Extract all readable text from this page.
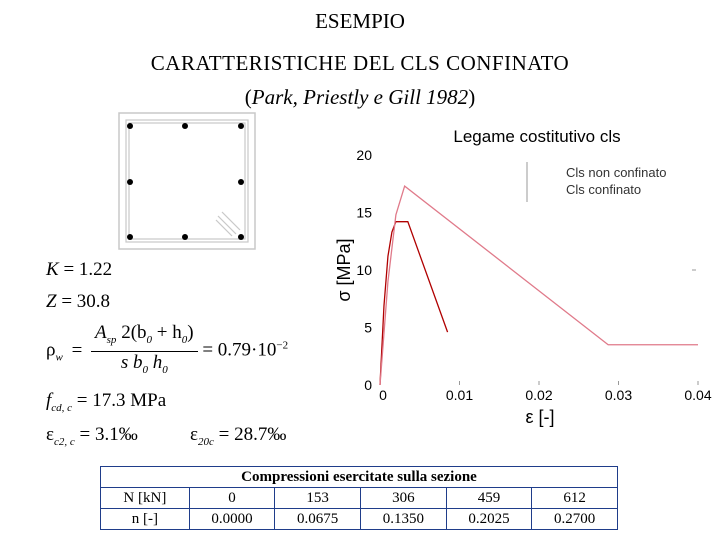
ESEMPIO
CARATTERISTICHE DEL CLS CONFINATO
(Park, Priestly e Gill 1982)
K = 1.22
Z = 30.8
$\rho_w = \frac{A_{sp} 2(b_0 + h_0)}{s b_0 h_0} = 0.79\cdot 10^{-2}$
$f_{cd, c} = 17.3$ MPa
$\varepsilon_{c2, c}$ = 3.1‰	$\varepsilon_{20c}$ = 28.7‰
Legame costitutivo cls
σ [MPa]
ε [-]
0	0.01	0.02	0.03	0.04
0
5
10
15
20
Cls non confinato
Cls confinato
Compressioni esercitate sulla sezione					
N [kN]	0	153	306	459	612
n [-]	0.0000	0.0675	0.1350	0.2025	0.2700
